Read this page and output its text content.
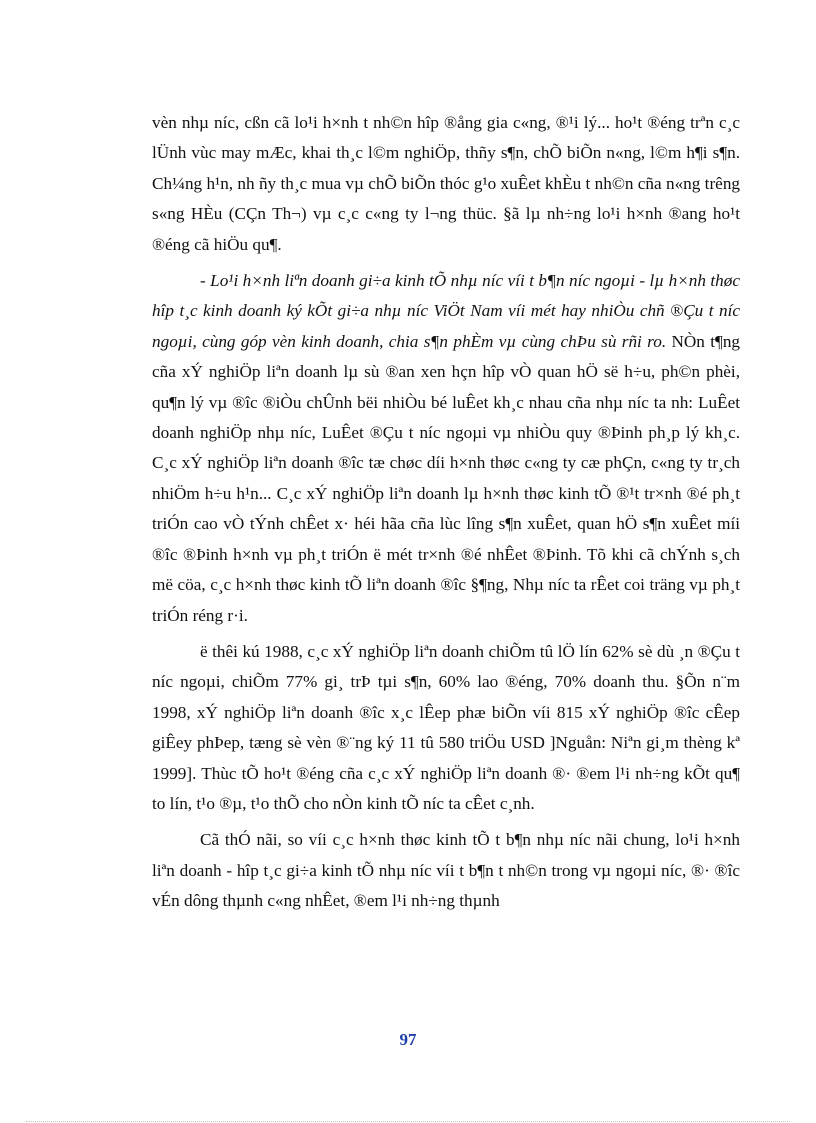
vèn nhµ níc, cßn cã lo¹i h×nh t nh©n hîp ®ång gia c«ng, ®¹i lý... ho¹t ®éng trªn c¸c lÜnh vùc may mÆc, khai th¸c l©m nghiÖp, thñy s¶n, chÕ biÕn n«ng, l©m h¶i s¶n. Ch¼ng h¹n, nh ñy th¸c mua vµ chÕ biÕn thóc g¹o xuÊet khÈu t nh©n cña n«ng trêng s«ng HÈu (CÇn Th¬) vµ c¸c c«ng ty l¬ng thüc. §ã lµ nh÷ng lo¹i h×nh ®ang ho¹t ®éng cã hiÖu qu¶.

- Lo¹i h×nh liªn doanh gi÷a kinh tÕ nhµ níc víi t b¶n níc ngoµi - lµ h×nh thøc hîp t¸c kinh doanh ký kÕt gi÷a nhµ níc ViÖt Nam víi mét hay nhiÒu chñ ®Çu t níc ngoµi, cùng góp vèn kinh doanh, chia s¶n phÈm vµ cùng chÞu sù rñi ro. NÒn t¶ng cña xÝ nghiÖp liªn doanh lµ sù ®an xen hçn hîp vÒ quan hÖ së h÷u, ph©n phèi, qu¶n lý vµ ®îc ®iÒu chÛnh bëi nhiÒu bé luÊet kh¸c nhau cña nhµ níc ta nh: LuÊet doanh nghiÖp nhµ níc, LuÊet ®Çu t níc ngoµi vµ nhiÒu quy ®Þinh ph¸p lý kh¸c. C¸c xÝ nghiÖp liªn doanh ®îc tæ chøc díi h×nh thøc c«ng ty cæ phÇn, c«ng ty tr¸ch nhiÖm h÷u h¹n... C¸c xÝ nghiÖp liªn doanh lµ h×nh thøc kinh tÕ ®¹t tr×nh ®é ph¸t triÓn cao vÒ tÝnh chÊet x· héi hãa cña lùc lîng s¶n xuÊet, quan hÖ s¶n xuÊet míi ®îc ®Þinh h×nh vµ ph¸t triÓn ë mét tr×nh ®é nhÊet ®Þinh. Tõ khi cã chÝnh s¸ch më cöa, c¸c h×nh thøc kinh tÕ liªn doanh ®îc §¶ng, Nhµ níc ta rÊet coi träng vµ ph¸t triÓn réng r·i.

ë thêi kú 1988, c¸c xÝ nghiÖp liªn doanh chiÕm tû lÖ lín 62% sè dù ¸n ®Çu t níc ngoµi, chiÕm 77% gi¸ trÞ tµi s¶n, 60% lao ®éng, 70% doanh thu. §Õn n¨m 1998, xÝ nghiÖp liªn doanh ®îc x¸c lÊep phæ biÕn víi 815 xÝ nghiÖp ®îc cÊep giÊey phÞep, tæng sè vèn ®¨ng ký 11 tû 580 triÖu USD ]Nguån: Niªn gi¸m thèng kª 1999]. Thùc tÕ ho¹t ®éng cña c¸c xÝ nghiÖp liªn doanh ®· ®em l¹i nh÷ng kÕt qu¶ to lín, t¹o ®µ, t¹o thÕ cho nÒn kinh tÕ níc ta cÊet c¸nh.

Cã thÓ nãi, so víi c¸c h×nh thøc kinh tÕ t b¶n nhµ níc nãi chung, lo¹i h×nh liªn doanh - hîp t¸c gi÷a kinh tÕ nhµ níc víi t b¶n t nh©n trong vµ ngoµi níc, ®· ®îc vÉn dông thµnh c«ng nhÊet, ®em l¹i nh÷ng thµnh

97
